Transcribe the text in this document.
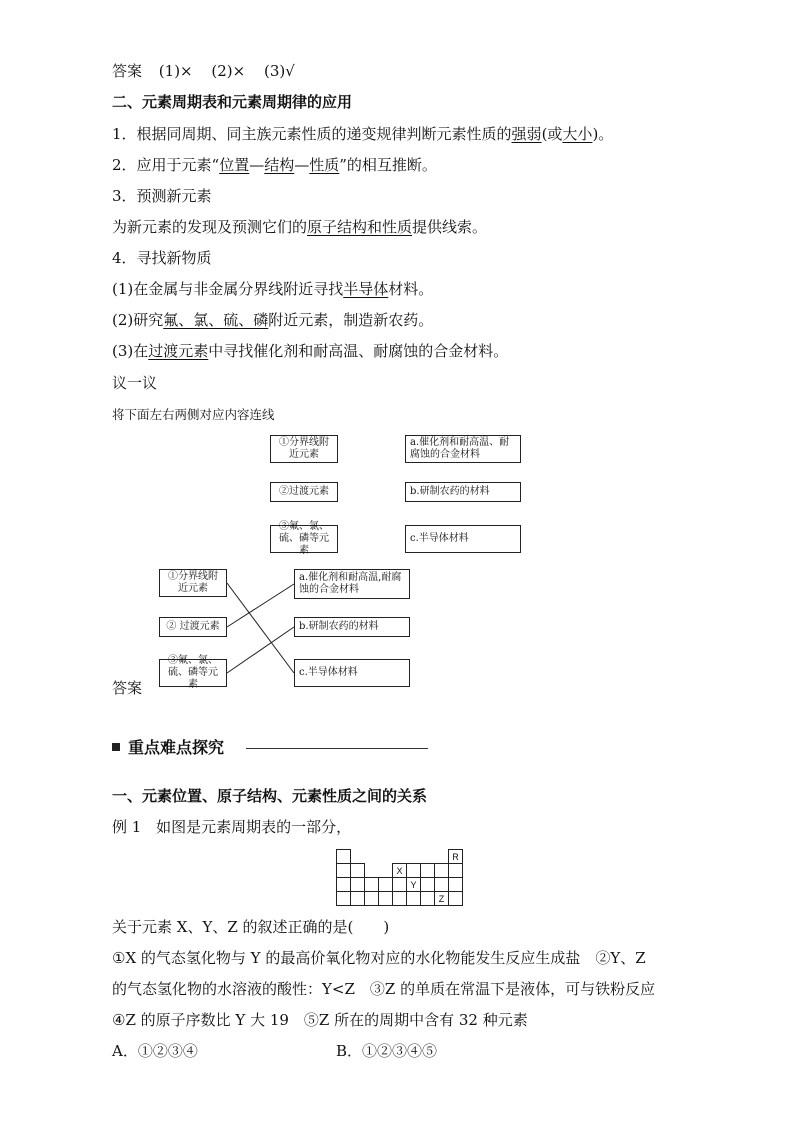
答案 (1)× (2)× (3)√
二、元素周期表和元素周期律的应用
1．根据同周期、同主族元素性质的递变规律判断元素性质的强弱(或大小)。
2．应用于元素“位置—结构—性质”的相互推断。
3．预测新元素
为新元素的发现及预测它们的原子结构和性质提供线索。
4．寻找新物质
(1)在金属与非金属分界线附近寻找半导体材料。
(2)研究氟、氯、硫、磷附近元素，制造新农药。
(3)在过渡元素中寻找催化剂和耐高温、耐腐蚀的合金材料。
议一议
将下面左右两侧对应内容连线
①分界线附近元素
②过渡元素
③氟、氯、硫、磷等元素
a.催化剂和耐高温、耐腐蚀的合金材料
b.研制农药的材料
c.半导体材料
答案
①分界线附近元素
② 过渡元素
③氟、氯、硫、磷等元素
a.催化剂和耐高温,耐腐蚀的合金材料
b.研制农药的材料
c.半导体材料
重点难点探究
一、元素位置、原子结构、元素性质之间的关系
例 1 如图是元素周期表的一部分，
								R
				X				
					Y			
							Z	
关于元素 X、Y、Z 的叙述正确的是(　　)
①X 的气态氢化物与 Y 的最高价氧化物对应的水化物能发生反应生成盐　②Y、Z
的气态氢化物的水溶液的酸性：Y<Z　③Z 的单质在常温下是液体，可与铁粉反应
④Z 的原子序数比 Y 大 19　⑤Z 所在的周期中含有 32 种元素
A．①②③④	B．①②③④⑤
